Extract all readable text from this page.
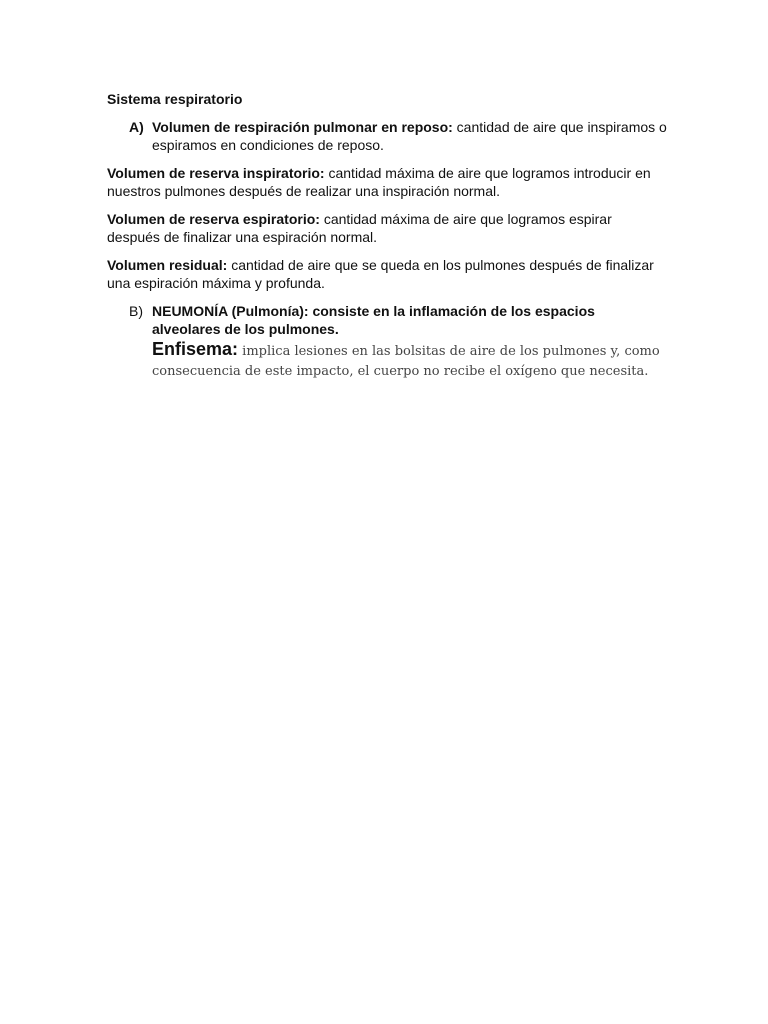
Sistema respiratorio
A) Volumen de respiración pulmonar en reposo: cantidad de aire que inspiramos o espiramos en condiciones de reposo.
Volumen de reserva inspiratorio: cantidad máxima de aire que logramos introducir en nuestros pulmones después de realizar una inspiración normal.
Volumen de reserva espiratorio: cantidad máxima de aire que logramos espirar después de finalizar una espiración normal.
Volumen residual: cantidad de aire que se queda en los pulmones después de finalizar una espiración máxima y profunda.
B) NEUMONÍA (Pulmonía): consiste en la inflamación de los espacios alveolares de los pulmones.
Enfisema: implica lesiones en las bolsitas de aire de los pulmones y, como consecuencia de este impacto, el cuerpo no recibe el oxígeno que necesita.
